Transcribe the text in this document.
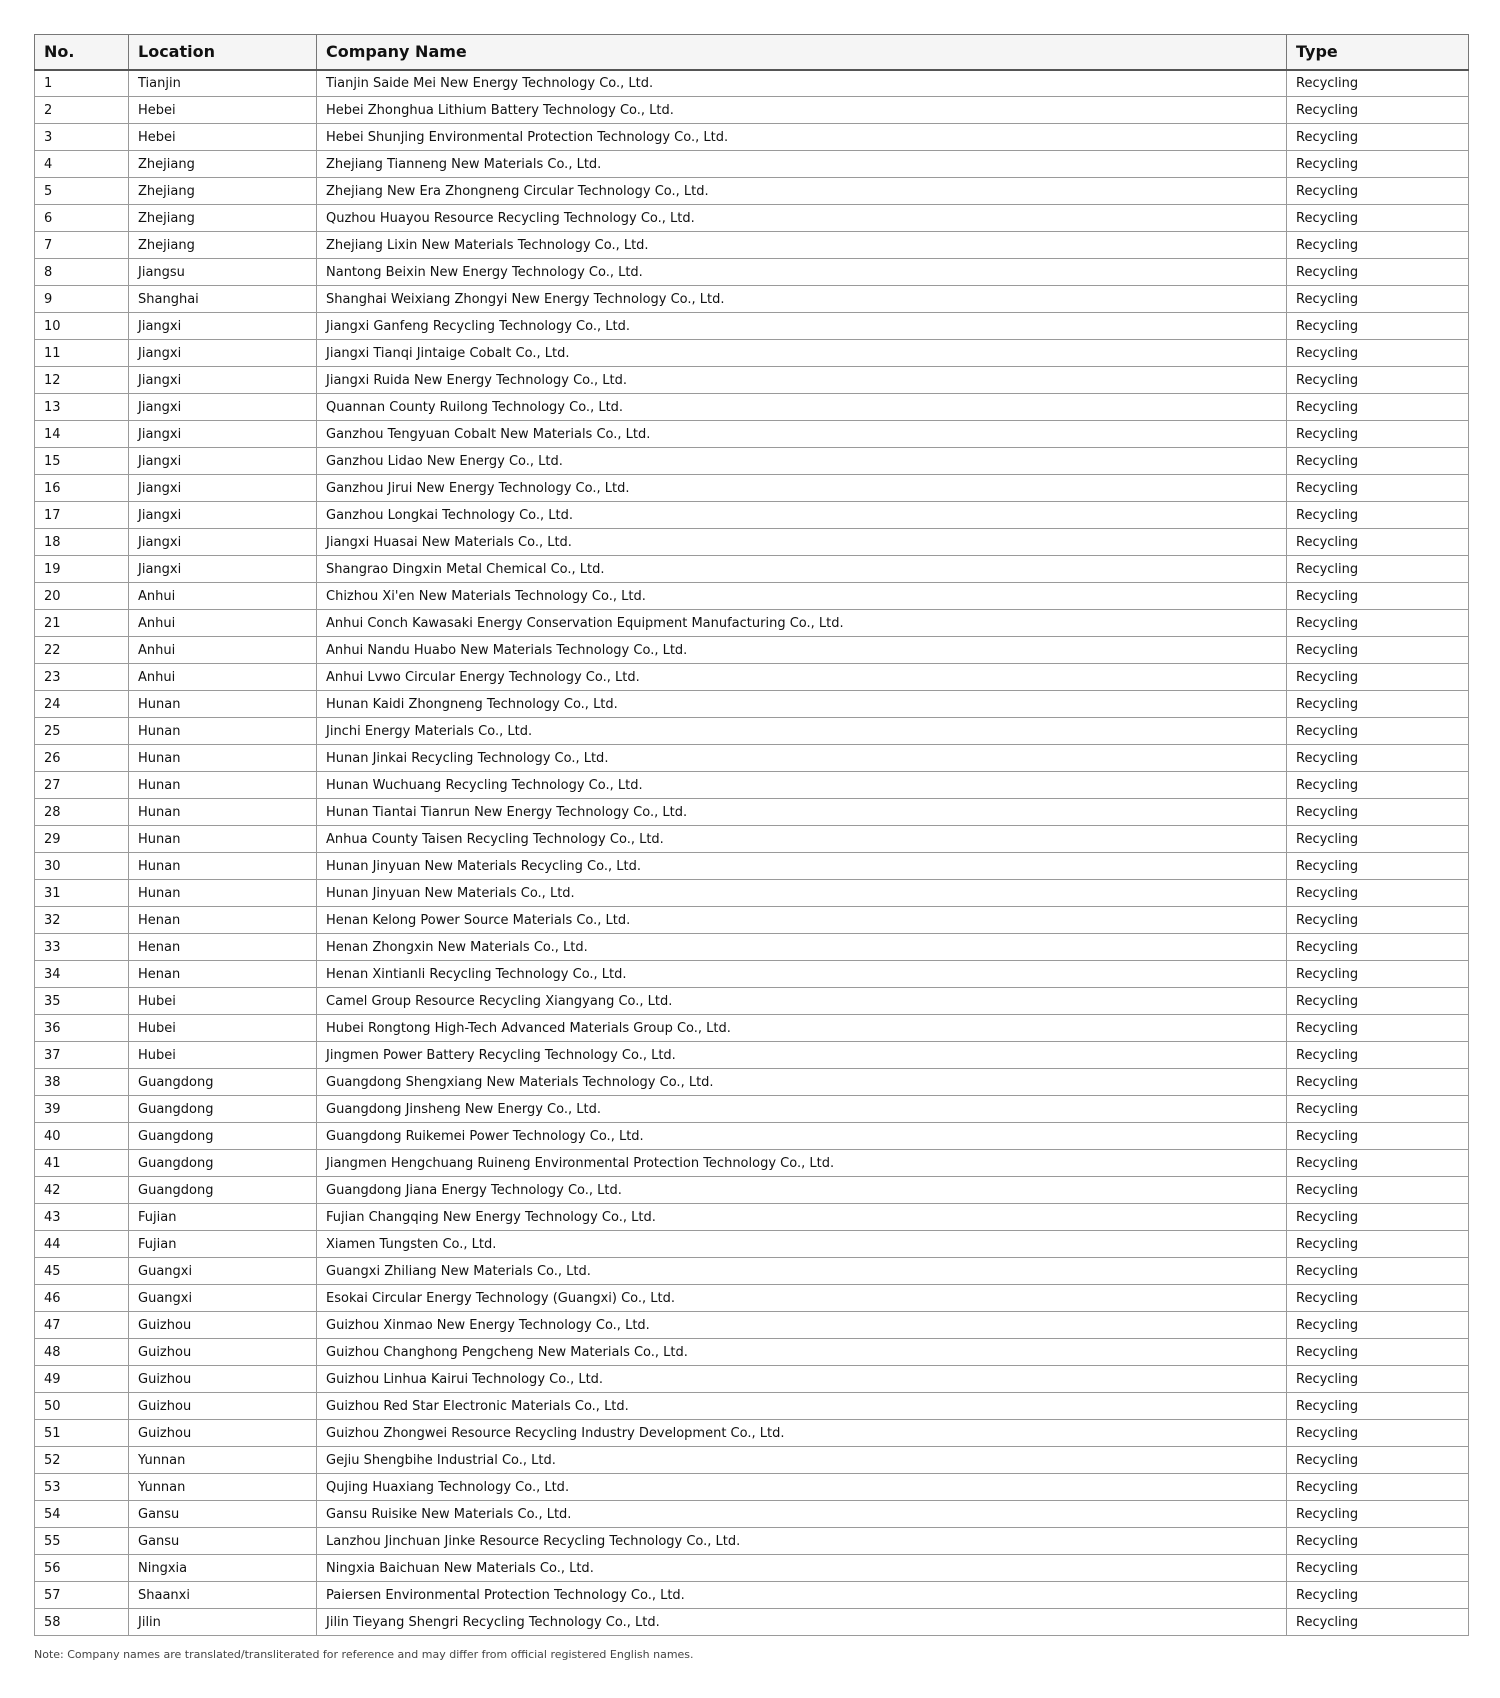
No.	Location	Company Name	Type
1	Tianjin	Tianjin Saide Mei New Energy Technology Co., Ltd.	Recycling
2	Hebei	Hebei Zhonghua Lithium Battery Technology Co., Ltd.	Recycling
3	Hebei	Hebei Shunjing Environmental Protection Technology Co., Ltd.	Recycling
4	Zhejiang	Zhejiang Tianneng New Materials Co., Ltd.	Recycling
5	Zhejiang	Zhejiang New Era Zhongneng Circular Technology Co., Ltd.	Recycling
6	Zhejiang	Quzhou Huayou Resource Recycling Technology Co., Ltd.	Recycling
7	Zhejiang	Zhejiang Lixin New Materials Technology Co., Ltd.	Recycling
8	Jiangsu	Nantong Beixin New Energy Technology Co., Ltd.	Recycling
9	Shanghai	Shanghai Weixiang Zhongyi New Energy Technology Co., Ltd.	Recycling
10	Jiangxi	Jiangxi Ganfeng Recycling Technology Co., Ltd.	Recycling
11	Jiangxi	Jiangxi Tianqi Jintaige Cobalt Co., Ltd.	Recycling
12	Jiangxi	Jiangxi Ruida New Energy Technology Co., Ltd.	Recycling
13	Jiangxi	Quannan County Ruilong Technology Co., Ltd.	Recycling
14	Jiangxi	Ganzhou Tengyuan Cobalt New Materials Co., Ltd.	Recycling
15	Jiangxi	Ganzhou Lidao New Energy Co., Ltd.	Recycling
16	Jiangxi	Ganzhou Jirui New Energy Technology Co., Ltd.	Recycling
17	Jiangxi	Ganzhou Longkai Technology Co., Ltd.	Recycling
18	Jiangxi	Jiangxi Huasai New Materials Co., Ltd.	Recycling
19	Jiangxi	Shangrao Dingxin Metal Chemical Co., Ltd.	Recycling
20	Anhui	Chizhou Xi'en New Materials Technology Co., Ltd.	Recycling
21	Anhui	Anhui Conch Kawasaki Energy Conservation Equipment Manufacturing Co., Ltd.	Recycling
22	Anhui	Anhui Nandu Huabo New Materials Technology Co., Ltd.	Recycling
23	Anhui	Anhui Lvwo Circular Energy Technology Co., Ltd.	Recycling
24	Hunan	Hunan Kaidi Zhongneng Technology Co., Ltd.	Recycling
25	Hunan	Jinchi Energy Materials Co., Ltd.	Recycling
26	Hunan	Hunan Jinkai Recycling Technology Co., Ltd.	Recycling
27	Hunan	Hunan Wuchuang Recycling Technology Co., Ltd.	Recycling
28	Hunan	Hunan Tiantai Tianrun New Energy Technology Co., Ltd.	Recycling
29	Hunan	Anhua County Taisen Recycling Technology Co., Ltd.	Recycling
30	Hunan	Hunan Jinyuan New Materials Recycling Co., Ltd.	Recycling
31	Hunan	Hunan Jinyuan New Materials Co., Ltd.	Recycling
32	Henan	Henan Kelong Power Source Materials Co., Ltd.	Recycling
33	Henan	Henan Zhongxin New Materials Co., Ltd.	Recycling
34	Henan	Henan Xintianli Recycling Technology Co., Ltd.	Recycling
35	Hubei	Camel Group Resource Recycling Xiangyang Co., Ltd.	Recycling
36	Hubei	Hubei Rongtong High-Tech Advanced Materials Group Co., Ltd.	Recycling
37	Hubei	Jingmen Power Battery Recycling Technology Co., Ltd.	Recycling
38	Guangdong	Guangdong Shengxiang New Materials Technology Co., Ltd.	Recycling
39	Guangdong	Guangdong Jinsheng New Energy Co., Ltd.	Recycling
40	Guangdong	Guangdong Ruikemei Power Technology Co., Ltd.	Recycling
41	Guangdong	Jiangmen Hengchuang Ruineng Environmental Protection Technology Co., Ltd.	Recycling
42	Guangdong	Guangdong Jiana Energy Technology Co., Ltd.	Recycling
43	Fujian	Fujian Changqing New Energy Technology Co., Ltd.	Recycling
44	Fujian	Xiamen Tungsten Co., Ltd.	Recycling
45	Guangxi	Guangxi Zhiliang New Materials Co., Ltd.	Recycling
46	Guangxi	Esokai Circular Energy Technology (Guangxi) Co., Ltd.	Recycling
47	Guizhou	Guizhou Xinmao New Energy Technology Co., Ltd.	Recycling
48	Guizhou	Guizhou Changhong Pengcheng New Materials Co., Ltd.	Recycling
49	Guizhou	Guizhou Linhua Kairui Technology Co., Ltd.	Recycling
50	Guizhou	Guizhou Red Star Electronic Materials Co., Ltd.	Recycling
51	Guizhou	Guizhou Zhongwei Resource Recycling Industry Development Co., Ltd.	Recycling
52	Yunnan	Gejiu Shengbihe Industrial Co., Ltd.	Recycling
53	Yunnan	Qujing Huaxiang Technology Co., Ltd.	Recycling
54	Gansu	Gansu Ruisike New Materials Co., Ltd.	Recycling
55	Gansu	Lanzhou Jinchuan Jinke Resource Recycling Technology Co., Ltd.	Recycling
56	Ningxia	Ningxia Baichuan New Materials Co., Ltd.	Recycling
57	Shaanxi	Paiersen Environmental Protection Technology Co., Ltd.	Recycling
58	Jilin	Jilin Tieyang Shengri Recycling Technology Co., Ltd.	Recycling
Note: Company names are translated/transliterated for reference and may differ from official registered English names.
